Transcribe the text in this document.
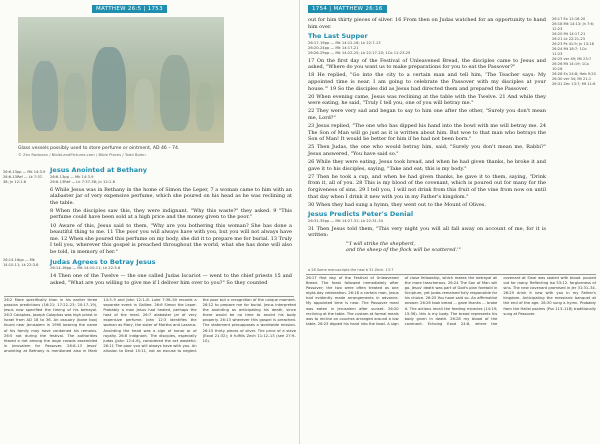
MATTHEW 26:5 | 1753
Glass vessels possibly used to store perfume or ointment, AD 46 – 74.
© Zev Radovan / BibleLandPictures.com / Bible Places / Todd Bolen
26:6-13pp — Mk 14:3-9
26:6-13Ref — Lk 7:37-38; Jn 12:1-8
26:14-16pp — Mk 14:10-11; Lk 22:3-6
Jesus Anointed at Bethany
26:6-13pp — Mk 14:3-9
26:6-13Ref — Lk 7:37-38; Jn 12:1-8

6 While Jesus was in Bethany in the home of Simon the Leper, 7 a woman came to him with an alabaster jar of very expensive perfume, which she poured on his head as he was reclining at the table.

8 When the disciples saw this, they were indignant. "Why this waste?" they asked. 9 "This perfume could have been sold at a high price and the money given to the poor."

10 Aware of this, Jesus said to them, "Why are you bothering this woman? She has done a beautiful thing to me. 11 The poor you will always have with you, but you will not always have me. 12 When she poured this perfume on my body, she did it to prepare me for burial. 13 Truly I tell you, wherever this gospel is preached throughout the world, what she has done will also be told, in memory of her."

Judas Agrees to Betray Jesus
26:14-16pp — Mk 14:10-11; Lk 22:3-6

14 Then one of the Twelve — the one called Judas Iscariot — went to the chief priests 15 and asked, "What are you willing to give me if I deliver him over to you?" So they counted

26:2 More specifically than in his earlier three passion predictions (16:21; 17:22–23; 20:17–19), Jesus now specified the timing of his betrayal. 26:3 Caiaphas. Joseph Caiaphas was high priest in Israel from AD 18 to 36. An ossuary (bone box) found near Jerusalem in 1990 bearing the name of his family may have contained his remains. 26:5 not during the festival. The authorities feared a riot among the large crowds assembled in Jerusalem for Passover. 26:6–13 Jesus' anointing at Bethany is mentioned also in Mark 14:3–9 and John 12:1–8. Luke 7:36–50 records a separate event in Galilee. 26:6 Simon the Leper. Probably a man Jesus had healed, perhaps the host of the meal. 26:7 alabaster jar of very expensive perfume. John 12:3 identifies the woman as Mary, the sister of Martha and Lazarus. Anointing the head was a sign of honor or of royalty. 26:8 indignant. The disciples, especially Judas (John 12:4–6), considered the act wasteful. 26:11 The poor you will always have with you. An allusion to Deut 15:11, not an excuse to neglect the poor but a recognition of the unique moment. 26:12 to prepare me for burial. Jesus interpreted the anointing as anticipating his death, since there would be no time to anoint his body properly. 26:13 wherever this gospel is preached. The statement presupposes a worldwide mission. 26:15 thirty pieces of silver. The price of a slave (Exod 21:32); it fulfills Zech 11:12–13 (see 27:9–10).
1754 | MATTHEW 26:16

out for him thirty pieces of silver. 16 From then on Judas watched for an opportunity to hand him over.

The Last Supper
26:17-19pp — Mk 14:12-16; Lk 22:7-13
26:20-24pp — Mk 14:17-21
26:26-29pp — Mk 14:22-25; Lk 22:17-20; 1Co 11:23-25

17 On the first day of the Festival of Unleavened Bread, the disciples came to Jesus and asked, "Where do you want us to make preparations for you to eat the Passover?"

18 He replied, "Go into the city to a certain man and tell him, 'The Teacher says: My appointed time is near. I am going to celebrate the Passover with my disciples at your house.'" 19 So the disciples did as Jesus had directed them and prepared the Passover.

20 When evening came, Jesus was reclining at the table with the Twelve. 21 And while they were eating, he said, "Truly I tell you, one of you will betray me."

22 They were very sad and began to say to him one after the other, "Surely you don't mean me, Lord?"

23 Jesus replied, "The one who has dipped his hand into the bowl with me will betray me. 24 The Son of Man will go just as it is written about him. But woe to that man who betrays the Son of Man! It would be better for him if he had not been born."

25 Then Judas, the one who would betray him, said, "Surely you don't mean me, Rabbi?" Jesus answered, "You have said so."

26 While they were eating, Jesus took bread, and when he had given thanks, he broke it and gave it to his disciples, saying, "Take and eat; this is my body."

27 Then he took a cup, and when he had given thanks, he gave it to them, saying, "Drink from it, all of you. 28 This is my blood of the covenant, which is poured out for many for the forgiveness of sins. 29 I tell you, I will not drink from this fruit of the vine from now on until that day when I drink it new with you in my Father's kingdom."

30 When they had sung a hymn, they went out to the Mount of Olives.

Jesus Predicts Peter's Denial
26:31-35pp — Mk 14:27-31; Lk 22:31-34

31 Then Jesus told them, "This very night you will all fall away on account of me, for it is written:

"'I will strike the shepherd,
and the sheep of the flock will be scattered.'"

26:17 Ex 12:18-20
26:18 Mk 14:13; Jn 7:6; 12:23
26:20 Mt 14:17-21
26:21 Lk 22:21-23
26:23 Ps 41:9; Jn 13:18
26:24 Mt 18:7; 1Co 11:23
26:25 ver 49; Mt 23:7
26:26 Mt 14:19; 1Co 10:16
26:28 Ex 24:8; Heb 9:20
26:30 ver 34; Mt 21:1
26:31 Zec 13:7; Mt 11:6
a 28 Some manuscripts the new b 31 Zech. 13:7
26:17 first day of the Festival of Unleavened Bread. The feast followed immediately after Passover; the two were often treated as one eight-day celebration. 26:18 a certain man. Jesus had evidently made arrangements in advance. My appointed time is near. The Passover meal was eaten in Jerusalem after sunset. 26:20 reclining at the table. The custom at formal meals was to recline on couches arranged around a low table. 26:23 dipped his hand into the bowl. A sign of close fellowship, which makes the betrayal all the more treacherous. 26:24 The Son of Man will go. Jesus' death was part of God's plan foretold in Scripture, yet Judas remained fully responsible for his choice. 26:25 You have said so. An affirmative answer. 26:26 took bread ... gave thanks ... broke it. The actions recall the feeding miracles (14:19; 15:36). this is my body. The bread represents his body given in death. 26:28 my blood of the covenant. Echoing Exod 24:8, where the covenant at Sinai was sealed with blood. poured out for many. Reflecting Isa 53:12. forgiveness of sins. The new covenant promised in Jer 31:31–34. 26:29 drink it new with you in my Father's kingdom. Anticipating the messianic banquet at the end of the age. 26:30 sung a hymn. Probably from the Hallel psalms (Pss 113–118) traditionally sung at Passover.
